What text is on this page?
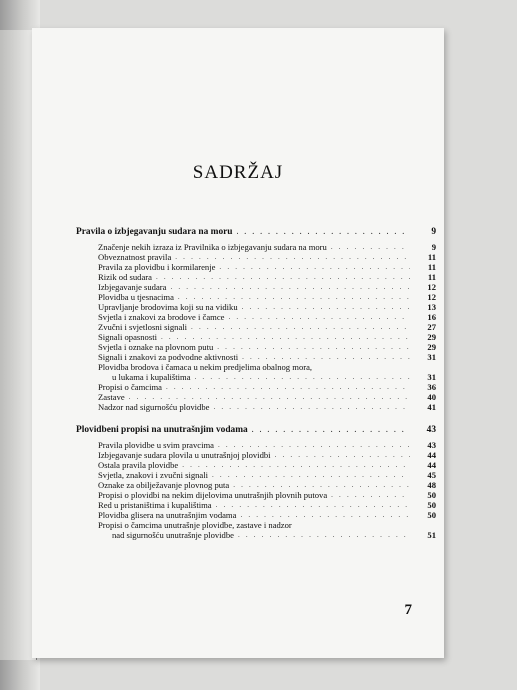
SADRŽAJ
Pravila o izbjegavanju sudara na moru . . .	9
Značenje nekih izraza iz Pravilnika o izbjegavanju sudara na moru . . .	9
Obveznatnost pravila . . .	11
Pravila za plovidbu i kormilarenje . . .	11
Rizik od sudara . . .	11
Izbjegavanje sudara . . .	12
Plovidba u tjesnacima . . .	12
Upravljanje brodovima koji su na vidiku . . .	13
Svjetla i znakovi za brodove i čamce . . .	16
Zvučni i svjetlosni signali . . .	27
Signali opasnosti . . .	29
Svjetla i oznake na plovnom putu . . .	29
Signali i znakovi za podvodne aktivnosti . . .	31
Plovidba brodova i čamaca u nekim predjelima obalnog mora,
u lukama i kupalištima . . .	31
Propisi o čamcima . . .	36
Zastave . . .	40
Nadzor nad sigurnošću plovidbe . . .	41
Plovidbeni propisi na unutrašnjim vodama . . .	43
Pravila plovidbe u svim pravcima . . .	43
Izbjegavanje sudara plovila u unutrašnjoj plovidbi . . .	44
Ostala pravila plovidbe . . .	44
Svjetla, znakovi i zvučni signali . . .	45
Oznake za obilježavanje plovnog puta . . .	48
Propisi o plovidbi na nekim dijelovima unutrašnjih plovnih putova . . .	50
Red u pristaništima i kupalištima . . .	50
Plovidba glisera na unutrašnjim vodama . . .	50
Propisi o čamcima unutrašnje plovidbe, zastave i nadzor
nad sigurnošću unutrašnje plovidbe . . .	51
7
